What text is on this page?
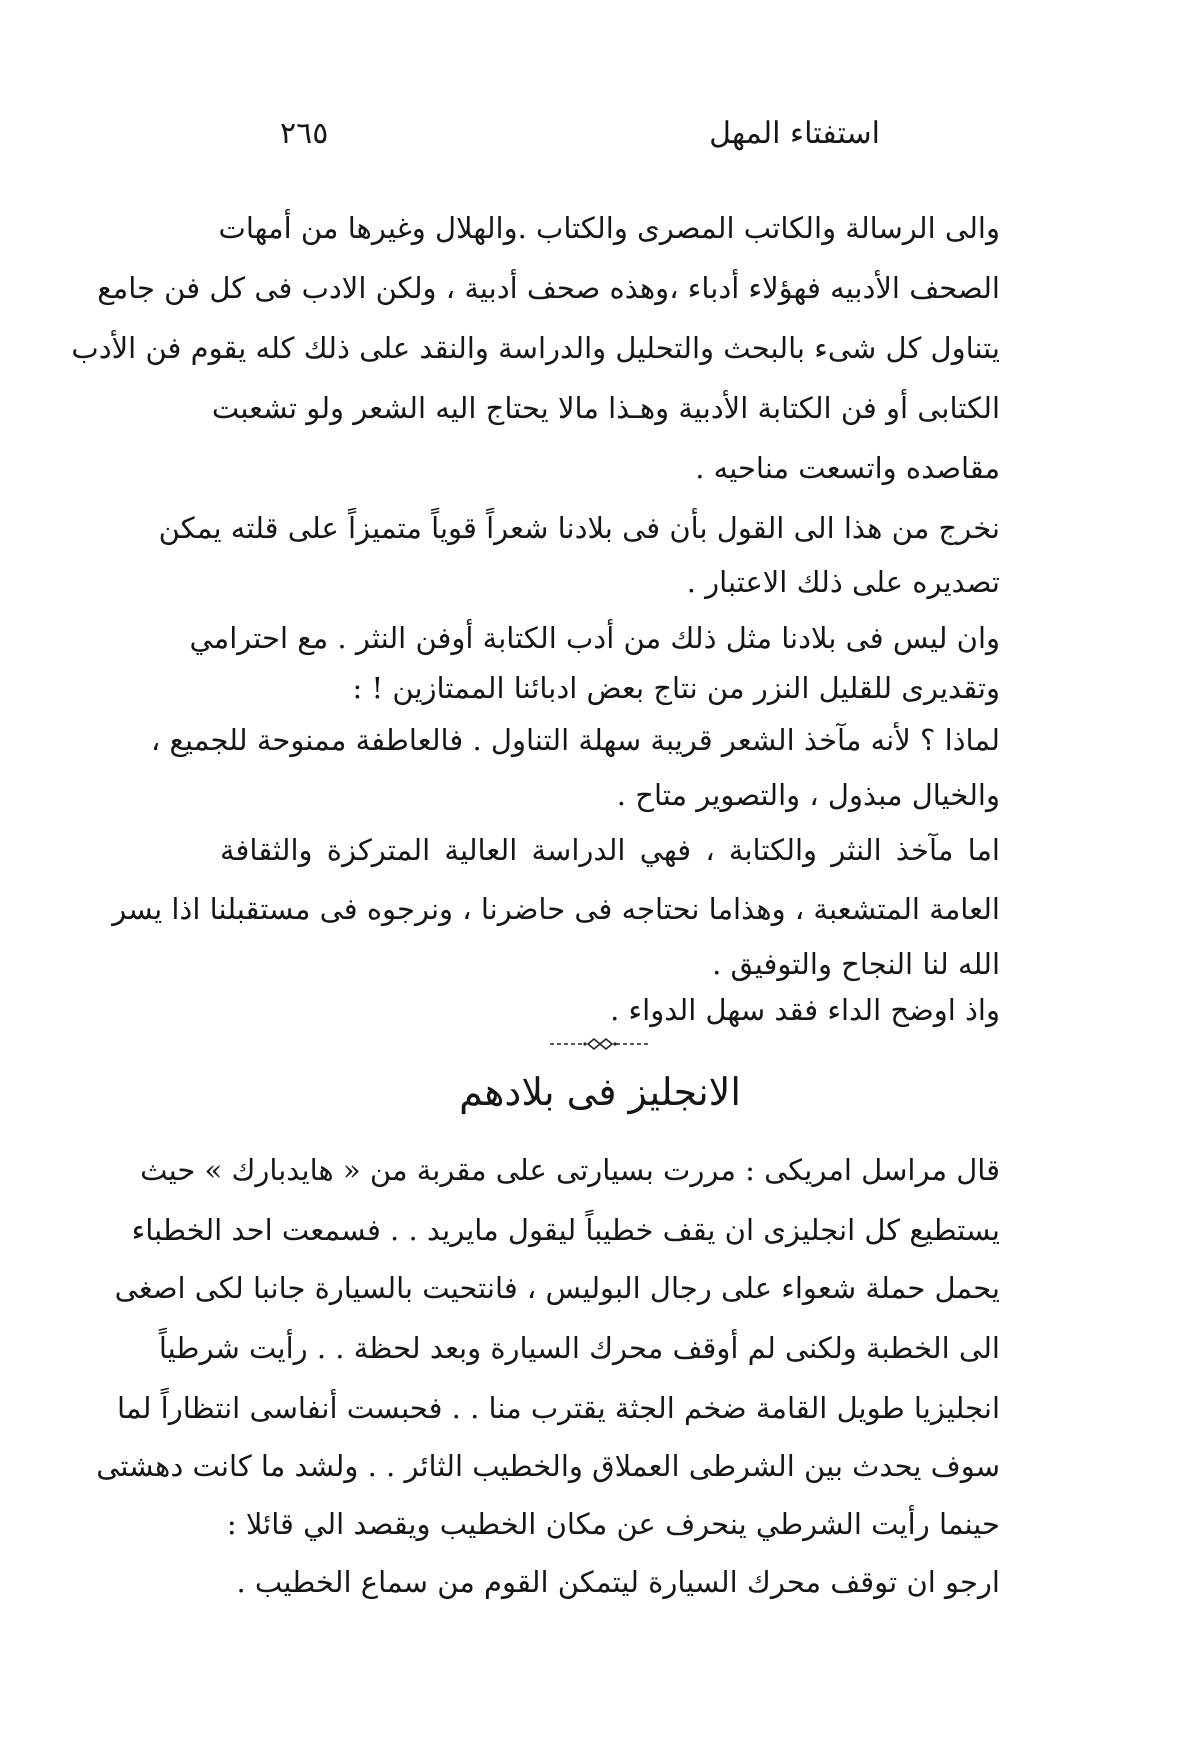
استفتاء المهل
٢٦٥
والى الرسالة والكاتب المصرى والكتاب .والهلال وغيرها من أمهات
الصحف الأدبيه فهؤلاء أدباء ،وهذه صحف أدبية ، ولكن الادب فى كل فن جامع
يتناول كل شىء بالبحث والتحليل والدراسة والنقد على ذلك كله يقوم فن الأدب
الكتابى أو فن الكتابة الأدبية وهـذا مالا يحتاج اليه الشعر ولو تشعبت
مقاصده واتسعت مناحيه .
نخرج من هذا الى القول بأن فى بلادنا شعراً قوياً متميزاً على قلته يمكن
تصديره على ذلك الاعتبار .
وان ليس فى بلادنا مثل ذلك من أدب الكتابة أوفن النثر . مع احترامي
وتقديرى للقليل النزر من نتاج بعض ادبائنا الممتازين ! :
لماذا ؟ لأنه مآخذ الشعر قريبة سهلة التناول . فالعاطفة ممنوحة للجميع ،
والخيال مبذول ، والتصوير متاح .
اما مآخذ النثر والكتابة ، فهي الدراسة العالية المتركزة والثقافة
العامة المتشعبة ، وهذاما نحتاجه فى حاضرنا ، ونرجوه فى مستقبلنا اذا يسر
الله لنا النجاح والتوفيق .
واذ اوضح الداء فقد سهل الدواء .
الانجليز فى بلادهم
قال مراسل امريكى : مررت بسيارتى على مقربة من « هايدبارك » حيث
يستطيع كل انجليزى ان يقف خطيباً ليقول مايريد . . فسمعت احد الخطباء
يحمل حملة شعواء على رجال البوليس ، فانتحيت بالسيارة جانبا لكى اصغى
الى الخطبة ولكنى لم أوقف محرك السيارة وبعد لحظة . . رأيت شرطياً
انجليزيا طويل القامة ضخم الجثة يقترب منا . . فحبست أنفاسى انتظاراً لما
سوف يحدث بين الشرطى العملاق والخطيب الثائر . . ولشد ما كانت دهشتى
حينما رأيت الشرطي ينحرف عن مكان الخطيب ويقصد الي قائلا :
ارجو ان توقف محرك السيارة ليتمكن القوم من سماع الخطيب .
